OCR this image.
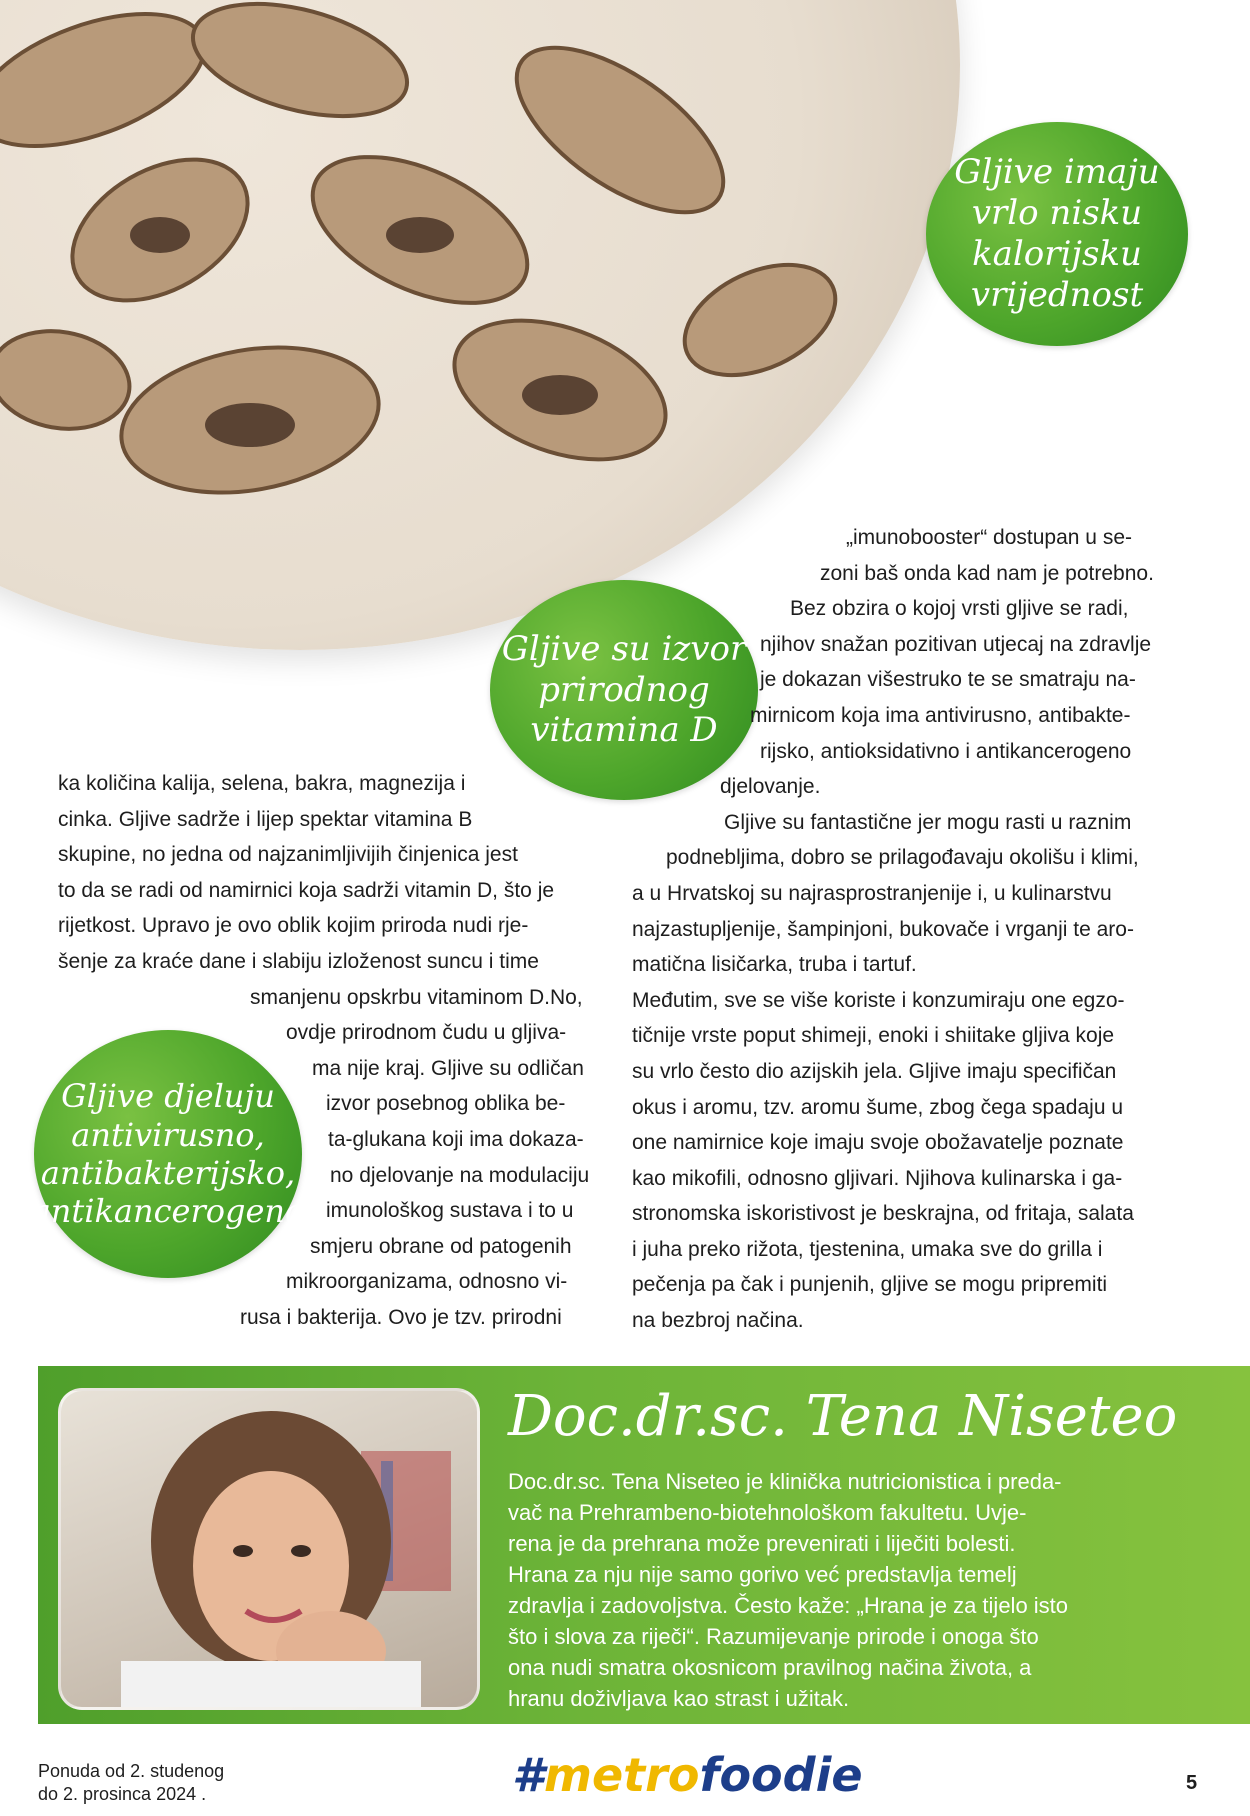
Gljive imaju
vrlo nisku
kalorijsku
vrijednost
Gljive su izvor
prirodnog
vitamina D
Gljive djeluju
antivirusno,
antibakterijsko,
antikancerogeno

ka količina kalija, selena, bakra, magnezija i

cinka. Gljive sadrže i lijep spektar vitamina B

skupine, no jedna od najzanimljivijih činjenica jest

to da se radi od namirnici koja sadrži vitamin D, što je

rijetkost. Upravo je ovo oblik kojim priroda nudi rje-

šenje za kraće dane i slabiju izloženost suncu i time

smanjenu opskrbu vitaminom D.No,

ovdje prirodnom čudu u gljiva-

ma nije kraj. Gljive su odličan

izvor posebnog oblika be-

ta-glukana koji ima dokaza-

no djelovanje na modulaciju

imunološkog sustava i to u

smjeru obrane od patogenih

mikroorganizama, odnosno vi-

rusa i bakterija. Ovo je tzv. prirodni

„imunobooster“ dostupan u se-

zoni baš onda kad nam je potrebno.

Bez obzira o kojoj vrsti gljive se radi,

njihov snažan pozitivan utjecaj na zdravlje

je dokazan višestruko te se smatraju na-

mirnicom koja ima antivirusno, antibakte-

rijsko, antioksidativno i antikancerogeno

djelovanje.

Gljive su fantastične jer mogu rasti u raznim

podnebljima, dobro se prilagođavaju okolišu i klimi,

a u Hrvatskoj su najrasprostranjenije i, u kulinarstvu

najzastupljenije, šampinjoni, bukovače i vrganji te aro-

matična lisičarka, truba i tartuf.

Međutim, sve se više koriste i konzumiraju one egzo-

tičnije vrste poput shimeji, enoki i shiitake gljiva koje

su vrlo često dio azijskih jela. Gljive imaju specifičan

okus i aromu, tzv. aromu šume, zbog čega spadaju u

one namirnice koje imaju svoje obožavatelje poznate

kao mikofili, odnosno gljivari. Njihova kulinarska i ga-

stronomska iskoristivost je beskrajna, od fritaja, salata

i juha preko rižota, tjestenina, umaka sve do grilla i

pečenja pa čak i punjenih, gljive se mogu pripremiti

na bezbroj načina.

Doc.dr.sc. Tena Niseteo

Doc.dr.sc. Tena Niseteo je klinička nutricionistica i preda-

vač na Prehrambeno-biotehnološkom fakultetu. Uvje-

rena je da prehrana može prevenirati i liječiti bolesti.

Hrana za nju nije samo gorivo već predstavlja temelj

zdravlja i zadovoljstva. Često kaže: „Hrana je za tijelo isto

što i slova za riječi“. Razumijevanje prirode i onoga što

ona nudi smatra okosnicom pravilnog načina života, a

hranu doživljava kao strast i užitak.

Ponuda od 2. studenog

do 2. prosinca 2024 .	#metrofoodie	5
